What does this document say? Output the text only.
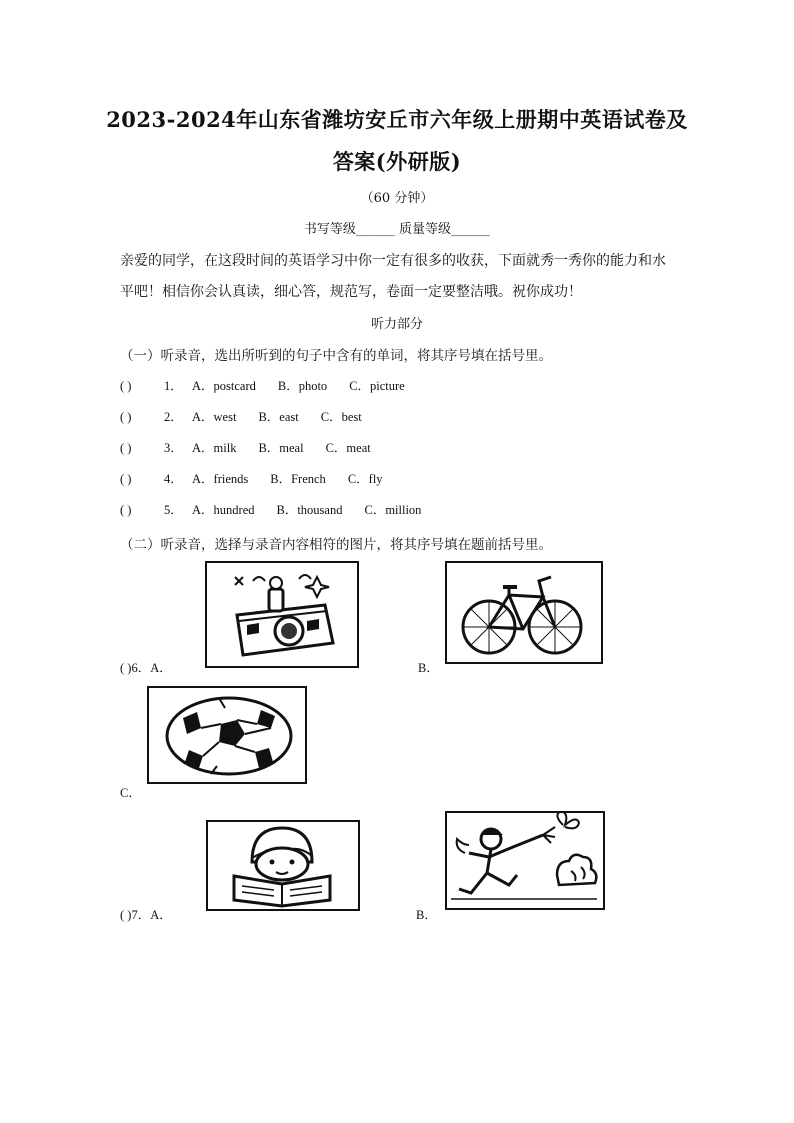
2023-2024年山东省潍坊安丘市六年级上册期中英语试卷及
答案(外研版)
（60 分钟）
书写等级______ 质量等级______
亲爱的同学，在这段时间的英语学习中你一定有很多的收获，下面就秀一秀你的能力和水
平吧！相信你会认真读，细心答，规范写，卷面一定要整洁哦。祝你成功！
听力部分
（一）听录音，选出所听到的句子中含有的单词，将其序号填在括号里。
( )	1． A．postcard B．photo C．picture
( )	2． A．west B．east C．best
( )	3． A．milk B．meal C．meat
( )	4． A．friends B．French C．fly
( )	5． A．hundred B．thousand C．million
（二）听录音，选择与录音内容相符的图片，将其序号填在题前括号里。
( )6．A．	B．
C．
( )7．A．	B．
